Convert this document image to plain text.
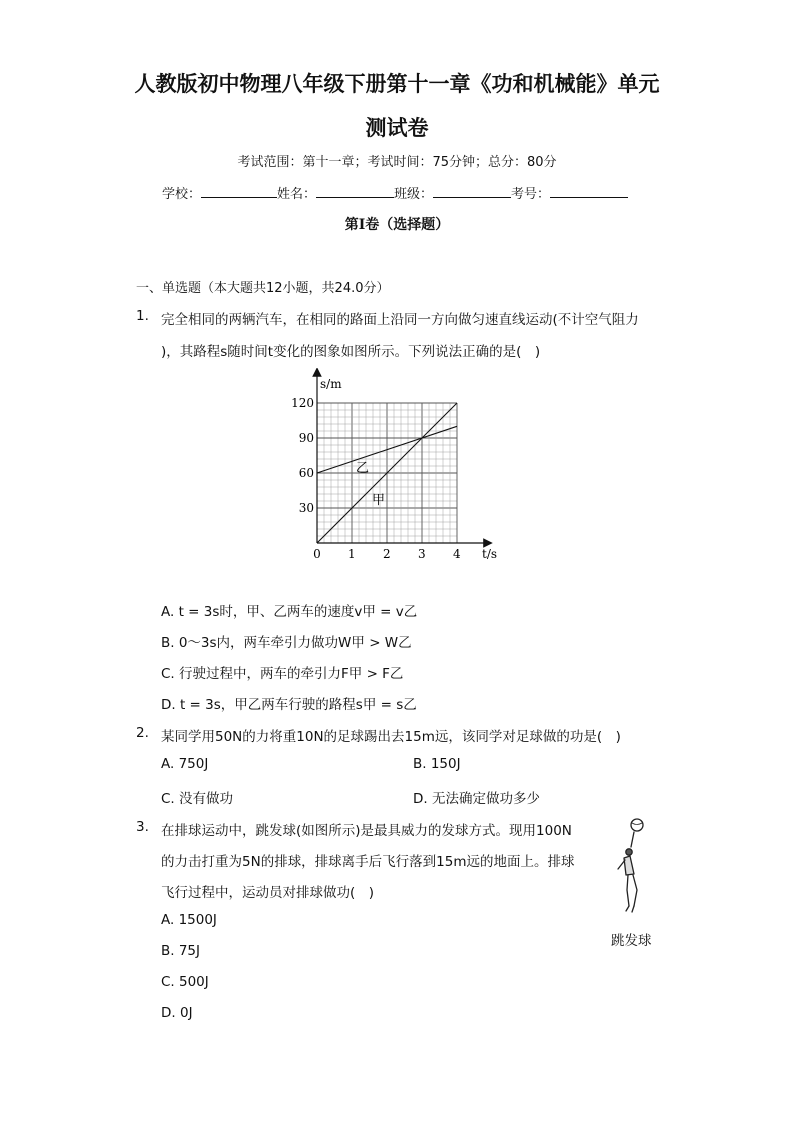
人教版初中物理八年级下册第十一章《功和机械能》单元
测试卷
考试范围：第十一章；考试时间：75分钟；总分：80分
学校：	姓名：	班级：	考号：
第I卷（选择题）
一、单选题（本大题共12小题，共24.0分）
1. 完全相同的两辆汽车，在相同的路面上沿同一方向做匀速直线运动(不计空气阻力
)，其路程s随时间t变化的图象如图所示。下列说法正确的是(　)
s/m
t/s
0 1 2 3 4
30
60
90
120
乙
甲
A. t = 3s时，甲、乙两车的速度v甲 = v乙
B. 0～3s内，两车牵引力做功W甲 > W乙
C. 行驶过程中，两车的牵引力F甲 > F乙
D. t = 3s，甲乙两车行驶的路程s甲 = s乙
2. 某同学用50N的力将重10N的足球踢出去15m远，该同学对足球做的功是(　)
A. 750J	B. 150J
C. 没有做功	D. 无法确定做功多少
3. 在排球运动中，跳发球(如图所示)是最具威力的发球方式。现用100N
的力击打重为5N的排球，排球离手后飞行落到15m远的地面上。排球
飞行过程中，运动员对排球做功(　)
A. 1500J
B. 75J
C. 500J
D. 0J
跳发球
